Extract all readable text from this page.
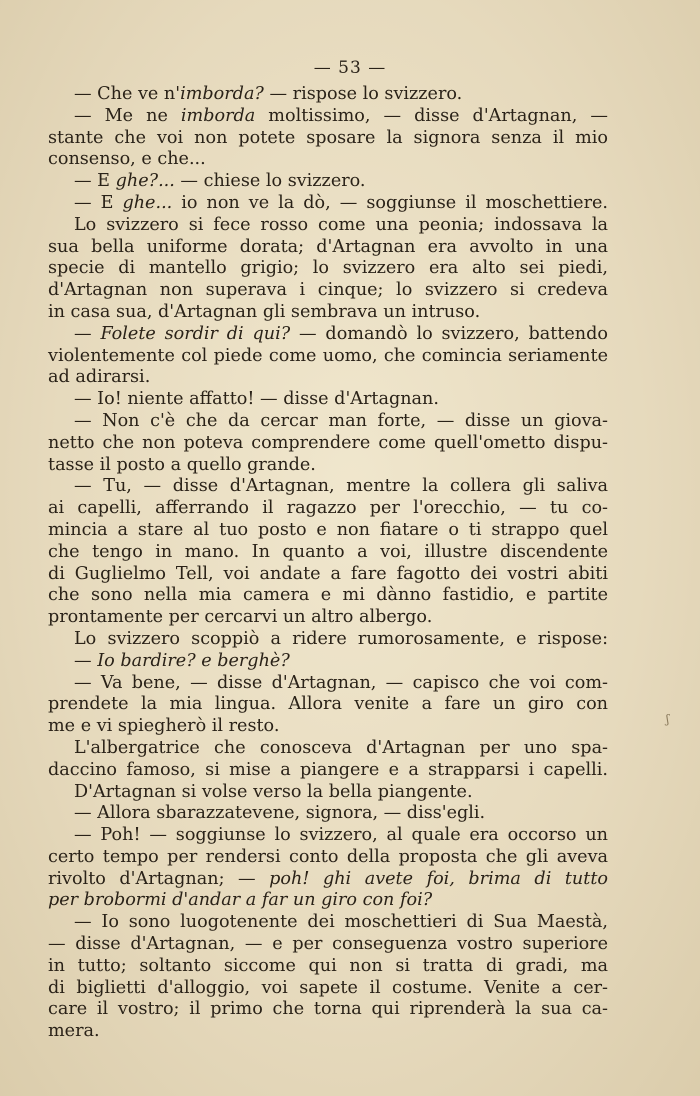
— 53 —
— Che ve n'imborda? — rispose lo svizzero.
— Me ne imborda moltissimo, — disse d'Artagnan, —
stante che voi non potete sposare la signora senza il mio
consenso, e che...
— E ghe?... — chiese lo svizzero.
— E ghe... io non ve la dò, — soggiunse il moschettiere.
Lo svizzero si fece rosso come una peonia; indossava la
sua bella uniforme dorata; d'Artagnan era avvolto in una
specie di mantello grigio; lo svizzero era alto sei piedi,
d'Artagnan non superava i cinque; lo svizzero si credeva
in casa sua, d'Artagnan gli sembrava un intruso.
— Folete sordir di qui? — domandò lo svizzero, battendo
violentemente col piede come uomo, che comincia seriamente
ad adirarsi.
— Io! niente affatto! — disse d'Artagnan.
— Non c'è che da cercar man forte, — disse un giova-
netto che non poteva comprendere come quell'ometto dispu-
tasse il posto a quello grande.
— Tu, — disse d'Artagnan, mentre la collera gli saliva
ai capelli, afferrando il ragazzo per l'orecchio, — tu co-
mincia a stare al tuo posto e non fiatare o ti strappo quel
che tengo in mano. In quanto a voi, illustre discendente
di Guglielmo Tell, voi andate a fare fagotto dei vostri abiti
che sono nella mia camera e mi dànno fastidio, e partite
prontamente per cercarvi un altro albergo.
Lo svizzero scoppiò a ridere rumorosamente, e rispose:
— Io bardire? e berghè?
— Va bene, — disse d'Artagnan, — capisco che voi com-
prendete la mia lingua. Allora venite a fare un giro con
me e vi spiegherò il resto.
L'albergatrice che conosceva d'Artagnan per uno spa-
daccino famoso, si mise a piangere e a strapparsi i capelli.
D'Artagnan si volse verso la bella piangente.
— Allora sbarazzatevene, signora, — diss'egli.
— Poh! — soggiunse lo svizzero, al quale era occorso un
certo tempo per rendersi conto della proposta che gli aveva
rivolto d'Artagnan; — poh! ghi avete foi, brima di tutto
per brobormi d'andar a far un giro con foi?
— Io sono luogotenente dei moschettieri di Sua Maestà,
— disse d'Artagnan, — e per conseguenza vostro superiore
in tutto; soltanto siccome qui non si tratta di gradi, ma
di biglietti d'alloggio, voi sapete il costume. Venite a cer-
care il vostro; il primo che torna qui riprenderà la sua ca-
mera.
ʃ
